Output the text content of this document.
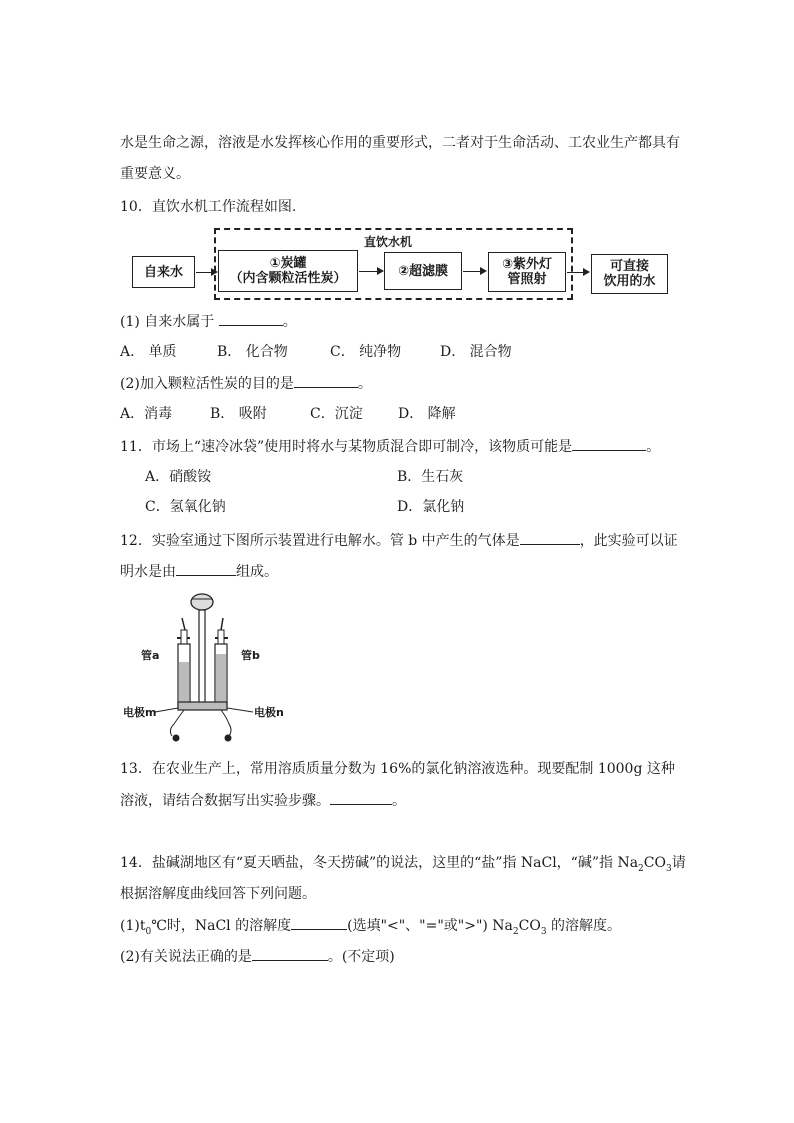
水是生命之源，溶液是水发挥核心作用的重要形式，二者对于生命活动、工农业生产都具有
重要意义。
10．直饮水机工作流程如图.
直饮水机
自来水
①炭罐
（内含颗粒活性炭）	②超滤膜	③紫外灯
管照射
可直接
饮用的水
(1) 自来水属于	。
A． 单质	B． 化合物	C． 纯净物	D． 混合物
(2)加入颗粒活性炭的目的是	。
A．消毒	B． 吸附	C．沉淀	D． 降解
11．市场上“速冷冰袋”使用时将水与某物质混合即可制冷，该物质可能是	。
A．硝酸铵	B．生石灰
C．氢氧化钠	D．氯化钠
12．实验室通过下图所示装置进行电解水。管 b 中产生的气体是	，此实验可以证
明水是由	组成。
管a	管b
电极m	电极n
13．在农业生产上，常用溶质质量分数为 16%的氯化钠溶液选种。现要配制 1000g 这种
溶液，请结合数据写出实验步骤。	。
14．盐碱湖地区有“夏天晒盐，冬天捞碱”的说法，这里的“盐”指 NaCl，“碱”指 $Na_2CO_3$请
根据溶解度曲线回答下列问题。
$(1)t_0℃$时，NaCl 的溶解度	(选填"<"、"="或">") $Na_2CO_3$ 的溶解度。
(2)有关说法正确的是	。(不定项)
